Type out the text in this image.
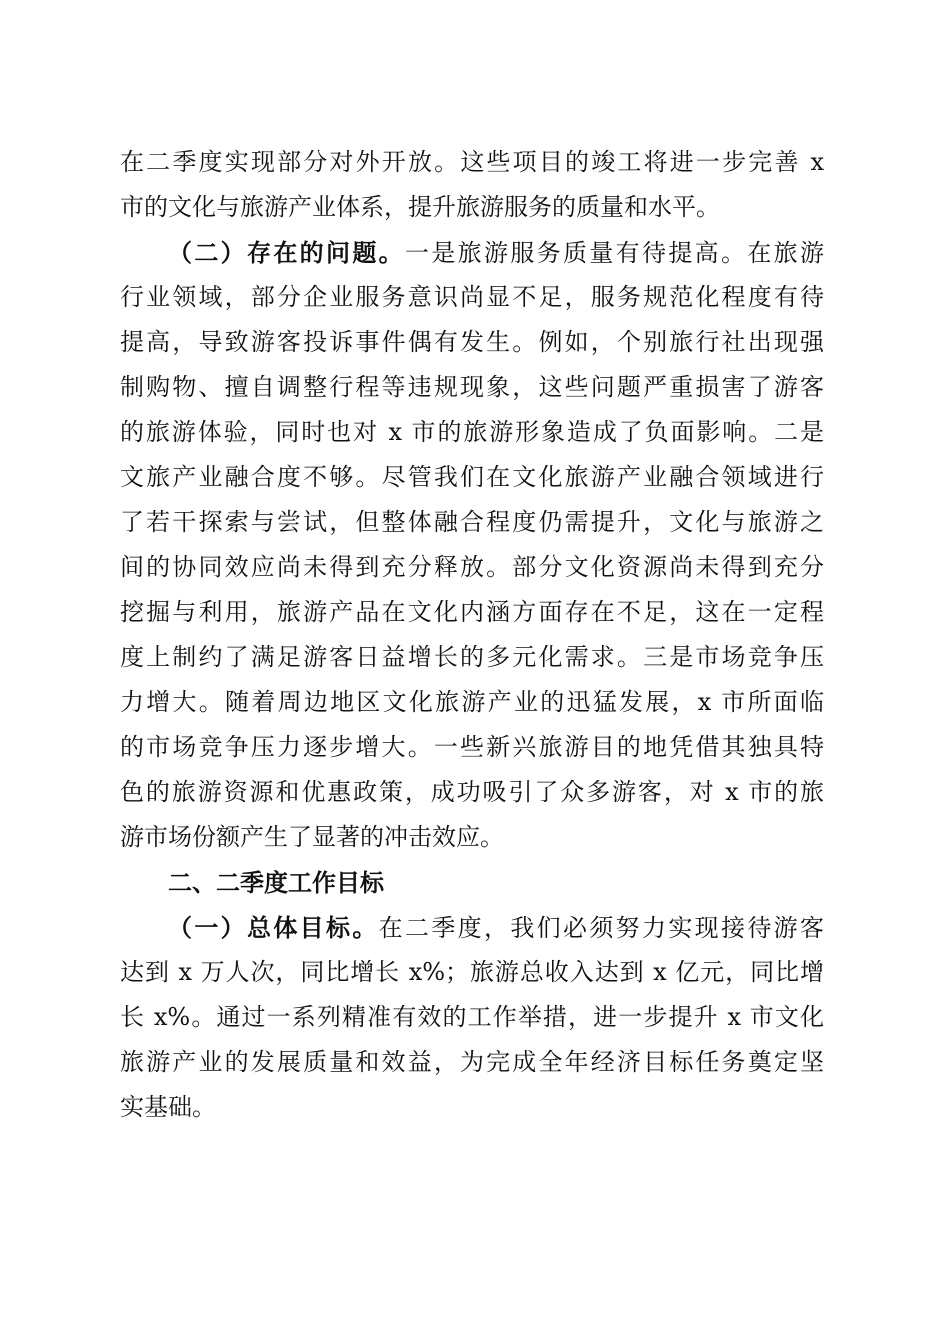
在二季度实现部分对外开放。这些项目的竣工将进一步完善 x
市的文化与旅游产业体系，提升旅游服务的质量和水平。
（二）存在的问题。一是旅游服务质量有待提高。在旅游
行业领域，部分企业服务意识尚显不足，服务规范化程度有待
提高，导致游客投诉事件偶有发生。例如，个别旅行社出现强
制购物、擅自调整行程等违规现象，这些问题严重损害了游客
的旅游体验，同时也对 x 市的旅游形象造成了负面影响。二是
文旅产业融合度不够。尽管我们在文化旅游产业融合领域进行
了若干探索与尝试，但整体融合程度仍需提升，文化与旅游之
间的协同效应尚未得到充分释放。部分文化资源尚未得到充分
挖掘与利用，旅游产品在文化内涵方面存在不足，这在一定程
度上制约了满足游客日益增长的多元化需求。三是市场竞争压
力增大。随着周边地区文化旅游产业的迅猛发展，x 市所面临
的市场竞争压力逐步增大。一些新兴旅游目的地凭借其独具特
色的旅游资源和优惠政策，成功吸引了众多游客，对 x 市的旅
游市场份额产生了显著的冲击效应。
二、二季度工作目标
（一）总体目标。在二季度，我们必须努力实现接待游客
达到 x 万人次，同比增长 x%；旅游总收入达到 x 亿元，同比增
长 x%。通过一系列精准有效的工作举措，进一步提升 x 市文化
旅游产业的发展质量和效益，为完成全年经济目标任务奠定坚
实基础。
